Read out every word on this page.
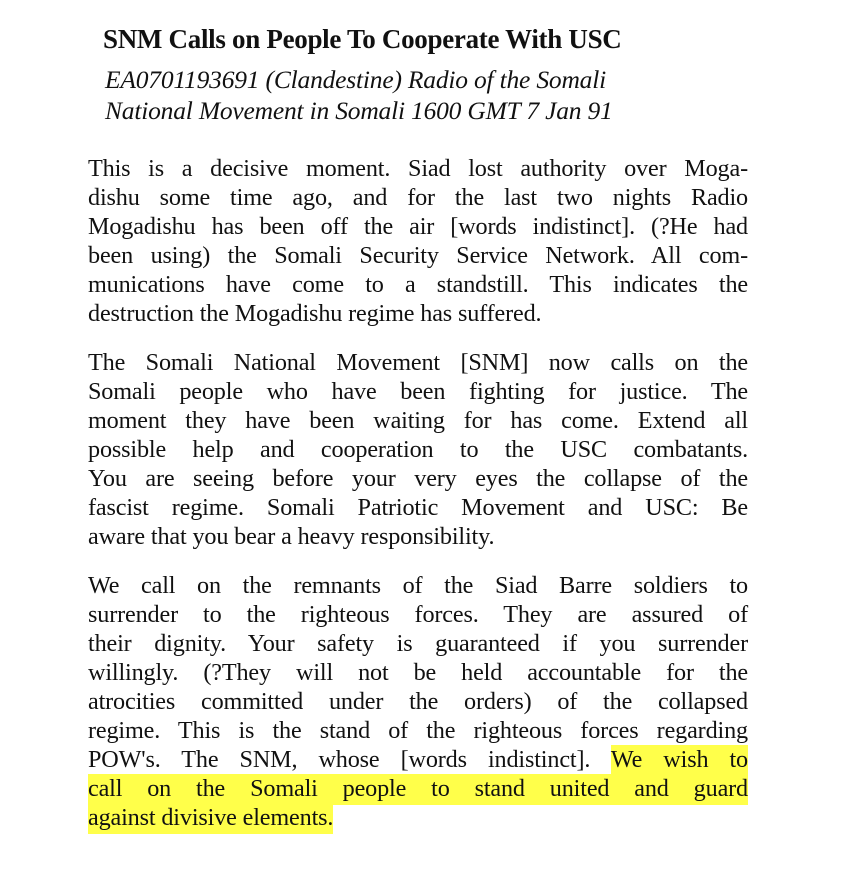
SNM Calls on People To Cooperate With USC
EA0701193691 (Clandestine) Radio of the Somali
National Movement in Somali 1600 GMT 7 Jan 91
This is a decisive moment. Siad lost authority over Moga-
dishu some time ago, and for the last two nights Radio
Mogadishu has been off the air [words indistinct]. (?He had
been using) the Somali Security Service Network. All com-
munications have come to a standstill. This indicates the
destruction the Mogadishu regime has suffered.
The Somali National Movement [SNM] now calls on the
Somali people who have been fighting for justice. The
moment they have been waiting for has come. Extend all
possible help and cooperation to the USC combatants.
You are seeing before your very eyes the collapse of the
fascist regime. Somali Patriotic Movement and USC: Be
aware that you bear a heavy responsibility.
We call on the remnants of the Siad Barre soldiers to
surrender to the righteous forces. They are assured of
their dignity. Your safety is guaranteed if you surrender
willingly. (?They will not be held accountable for the
atrocities committed under the orders) of the collapsed
regime. This is the stand of the righteous forces regarding
POW's. The SNM, whose [words indistinct]. We wish to
call on the Somali people to stand united and guard
against divisive elements.
